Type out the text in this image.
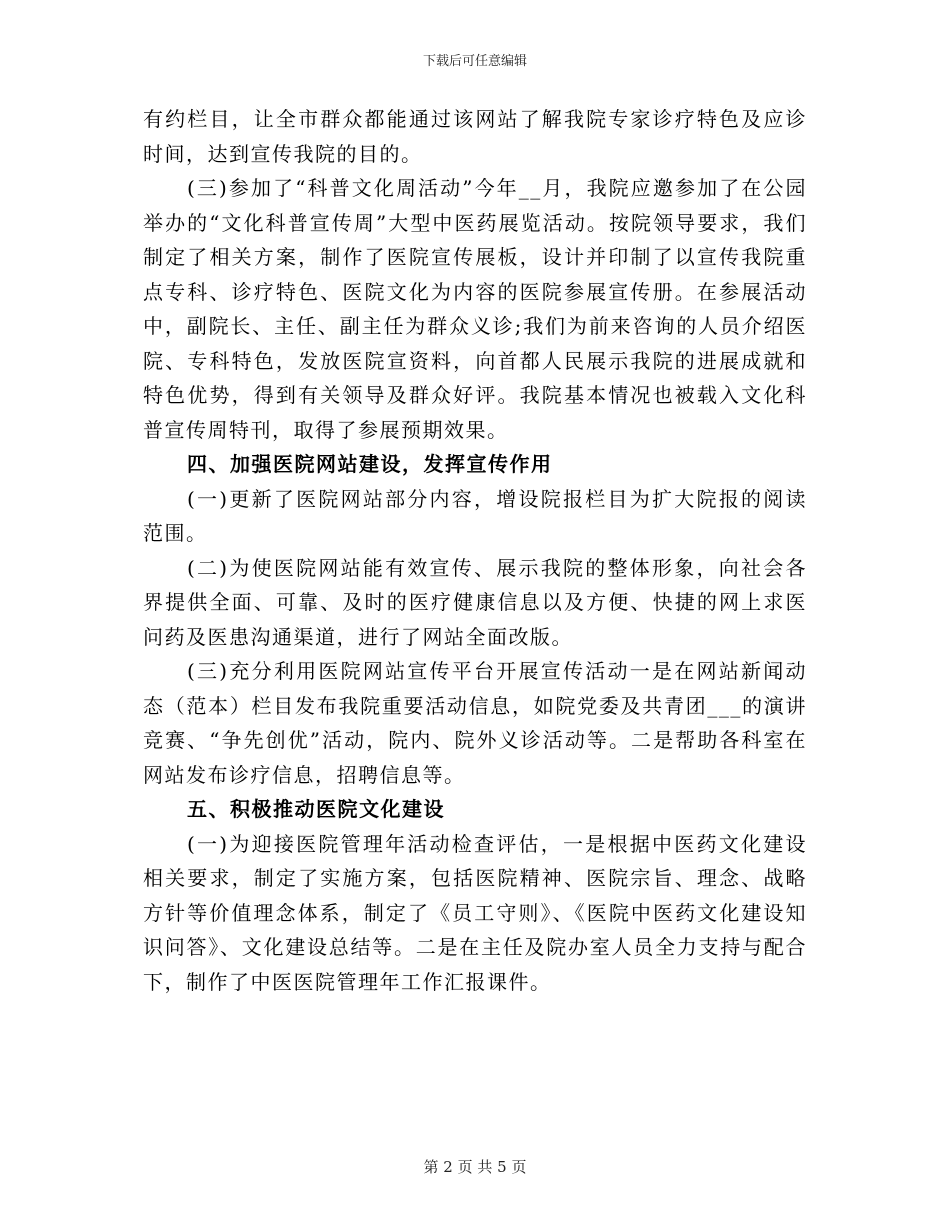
下载后可任意编辑

有约栏目，让全市群众都能通过该网站了解我院专家诊疗特色及应诊时间，达到宣传我院的目的。

(三)参加了“科普文化周活动”今年__月，我院应邀参加了在公园举办的“文化科普宣传周”大型中医药展览活动。按院领导要求，我们制定了相关方案，制作了医院宣传展板，设计并印制了以宣传我院重点专科、诊疗特色、医院文化为内容的医院参展宣传册。在参展活动中，副院长、主任、副主任为群众义诊;我们为前来咨询的人员介绍医院、专科特色，发放医院宣资料，向首都人民展示我院的进展成就和特色优势，得到有关领导及群众好评。我院基本情况也被载入文化科普宣传周特刊，取得了参展预期效果。

四、加强医院网站建设，发挥宣传作用

(一)更新了医院网站部分内容，增设院报栏目为扩大院报的阅读范围。

(二)为使医院网站能有效宣传、展示我院的整体形象，向社会各界提供全面、可靠、及时的医疗健康信息以及方便、快捷的网上求医问药及医患沟通渠道，进行了网站全面改版。

(三)充分利用医院网站宣传平台开展宣传活动一是在网站新闻动态（范本）栏目发布我院重要活动信息，如院党委及共青团___的演讲竞赛、“争先创优”活动，院内、院外义诊活动等。二是帮助各科室在网站发布诊疗信息，招聘信息等。

五、积极推动医院文化建设

(一)为迎接医院管理年活动检查评估，一是根据中医药文化建设相关要求，制定了实施方案，包括医院精神、医院宗旨、理念、战略方针等价值理念体系，制定了《员工守则》、《医院中医药文化建设知识问答》、文化建设总结等。二是在主任及院办室人员全力支持与配合下，制作了中医医院管理年工作汇报课件。

第 2 页 共 5 页
